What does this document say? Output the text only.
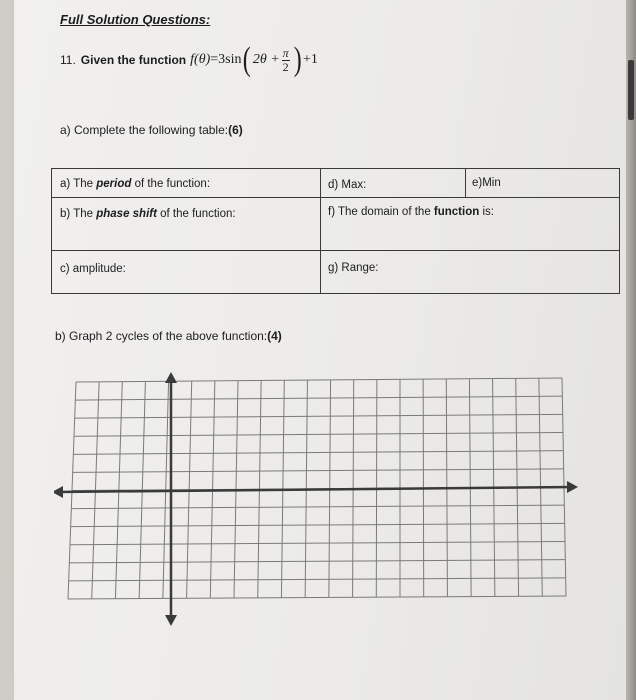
Full Solution Questions:
11. Given the function f(θ) = 3 sin ( $2\theta + \frac{\pi}{2}$ ) +1
a) Complete the following table:(6)
a) The period of the function:
b) The phase shift of the function:
c) amplitude:
d) Max:	e)Min
f) The domain of the function is:
g) Range:
b) Graph 2 cycles of the above function:(4)
